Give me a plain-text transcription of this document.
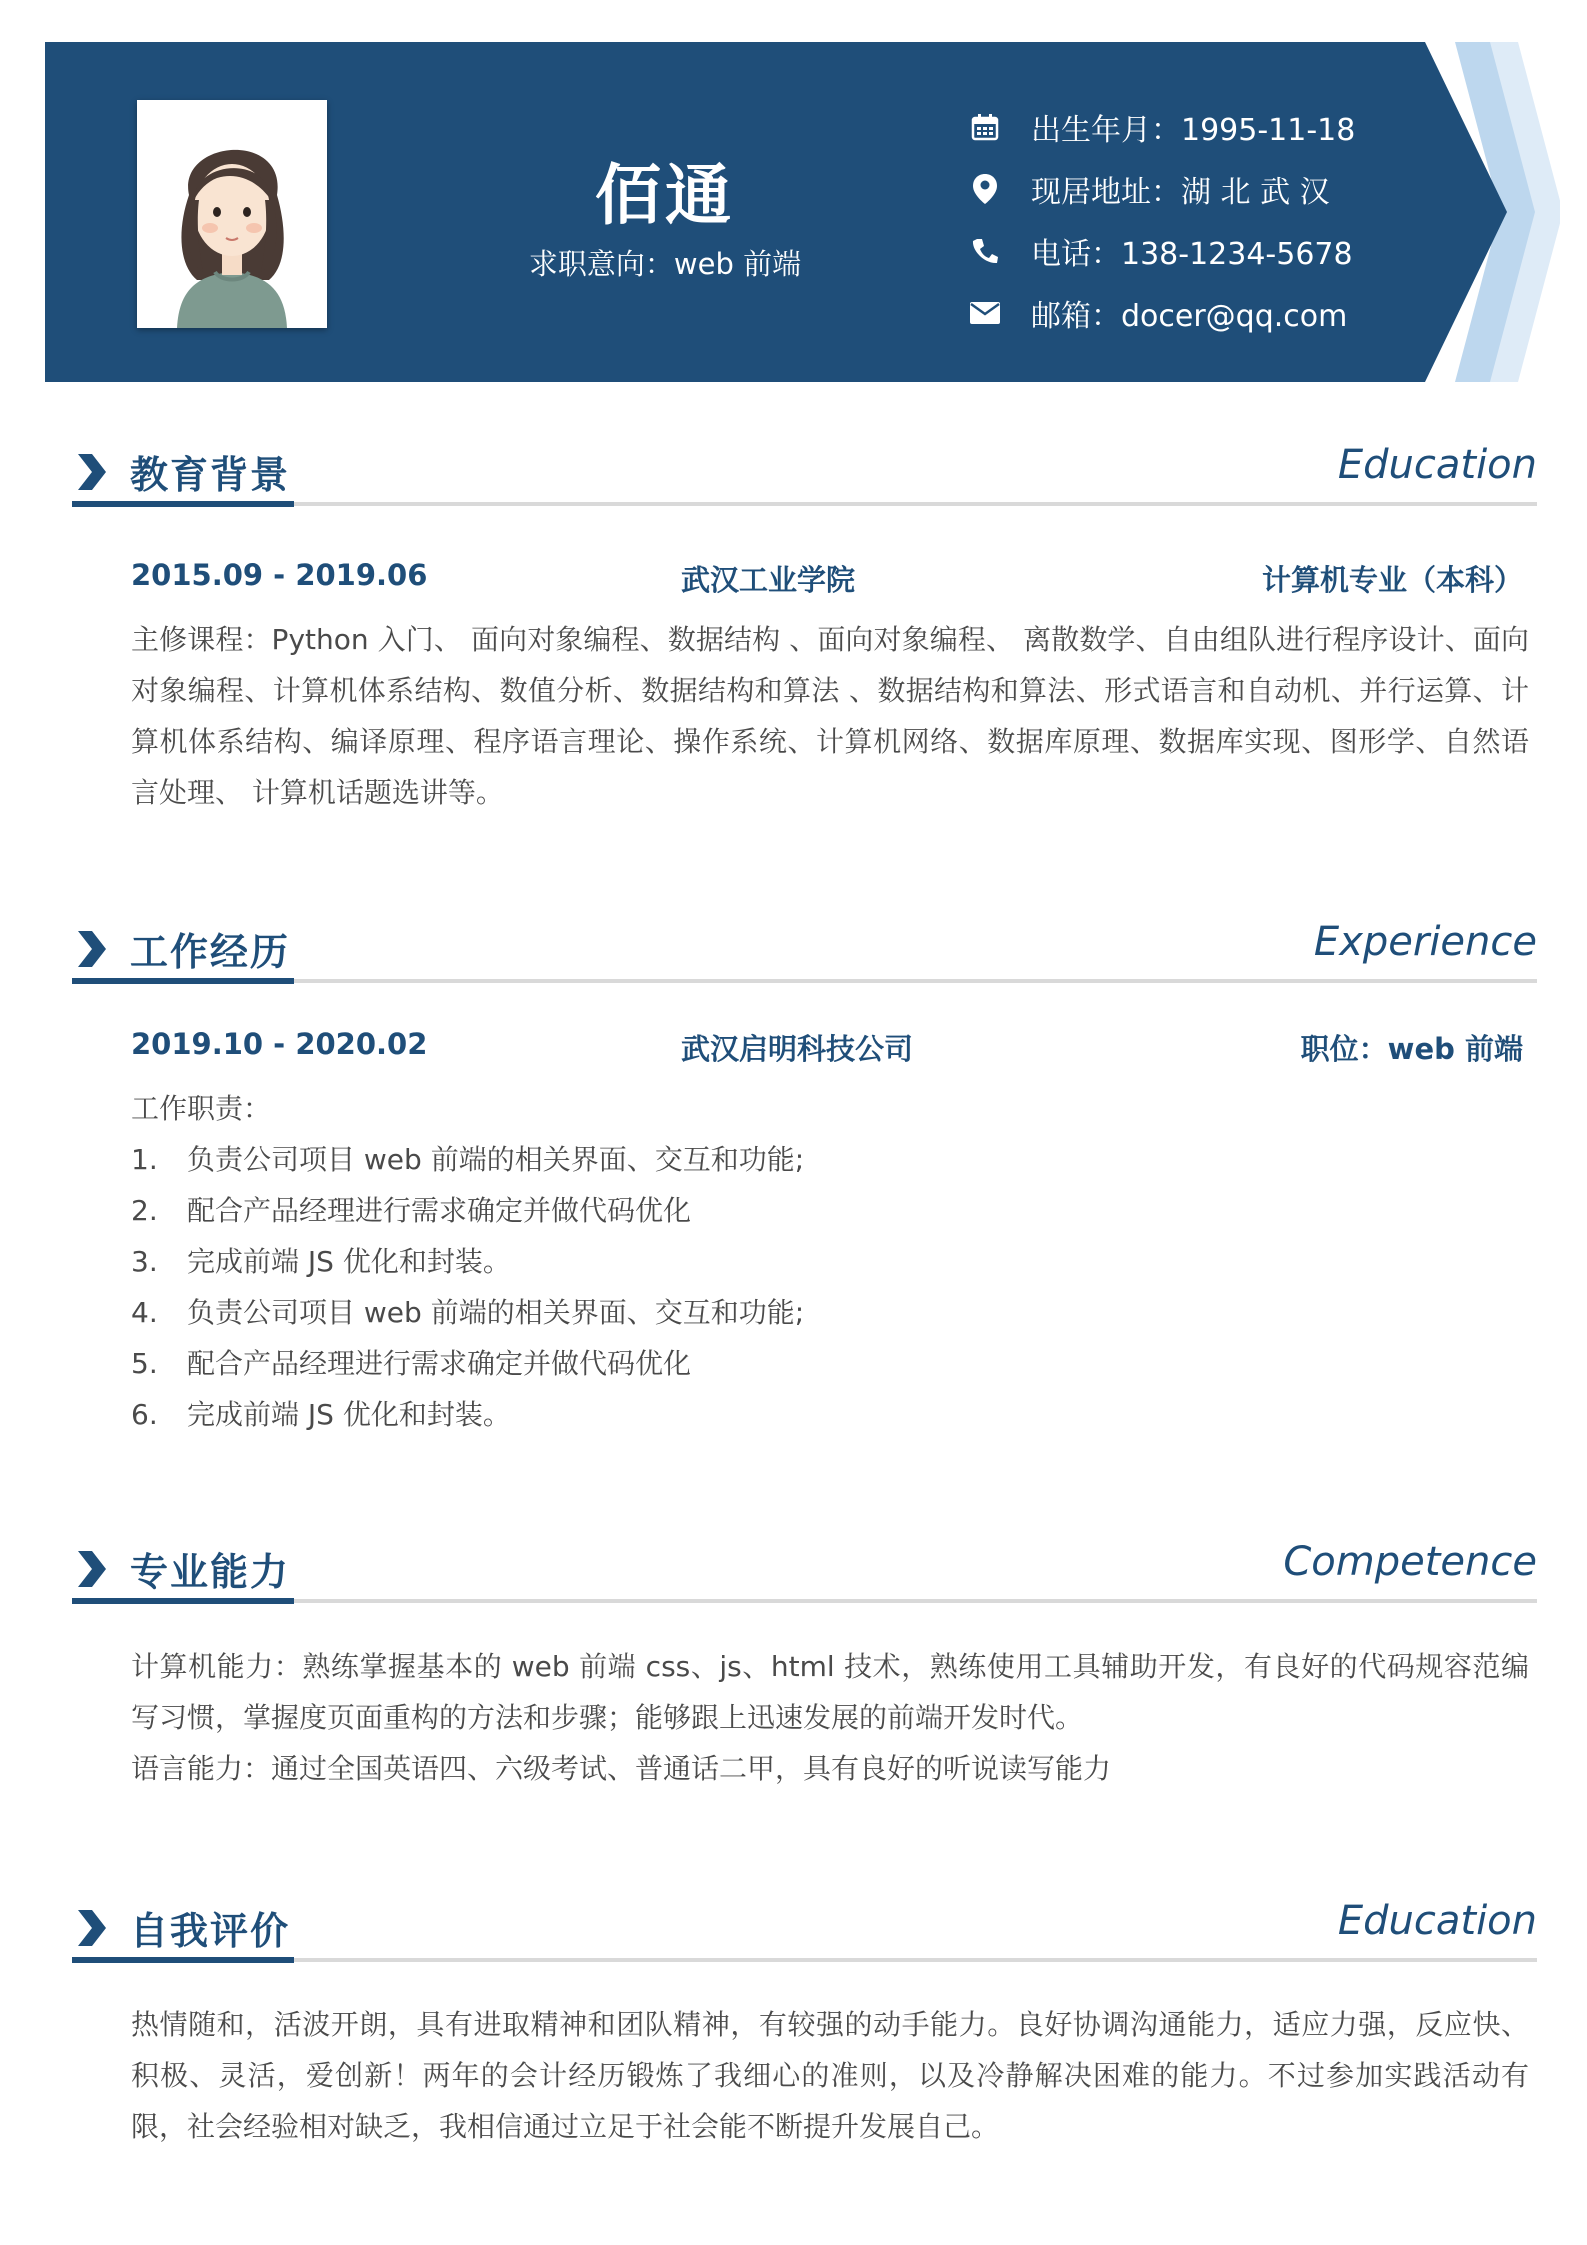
佰通
求职意向：web 前端
出生年月：1995-11-18
现居地址：湖 北 武 汉
电话：138-1234-5678
邮箱：docer@qq.com
教育背景	Education
2015.09 - 2019.06	武汉工业学院	计算机专业（本科）
主修课程：Python 入门、 面向对象编程、数据结构 、面向对象编程、 离散数学、自由组队进行程序设计、面向对象编程、计算机体系结构、数值分析、数据结构和算法 、数据结构和算法、形式语言和自动机、并行运算、计算机体系结构、编译原理、程序语言理论、操作系统、计算机网络、数据库原理、数据库实现、图形学、自然语言处理、 计算机话题选讲等。
工作经历	Experience
2019.10 - 2020.02	武汉启明科技公司	职位：web 前端
工作职责：
1.	负责公司项目 web 前端的相关界面、交互和功能;
2.	配合产品经理进行需求确定并做代码优化
3.	完成前端 JS 优化和封装。
4.	负责公司项目 web 前端的相关界面、交互和功能;
5.	配合产品经理进行需求确定并做代码优化
6.	完成前端 JS 优化和封装。
专业能力	Competence
计算机能力：熟练掌握基本的 web 前端 css、js、html 技术，熟练使用工具辅助开发，有良好的代码规容范编写习惯，掌握度页面重构的方法和步骤；能够跟上迅速发展的前端开发时代。
语言能力：通过全国英语四、六级考试、普通话二甲，具有良好的听说读写能力
自我评价	Education
热情随和，活波开朗，具有进取精神和团队精神，有较强的动手能力。良好协调沟通能力，适应力强，反应快、积极、灵活，爱创新！两年的会计经历锻炼了我细心的准则，以及冷静解决困难的能力。不过参加实践活动有限，社会经验相对缺乏，我相信通过立足于社会能不断提升发展自己。
